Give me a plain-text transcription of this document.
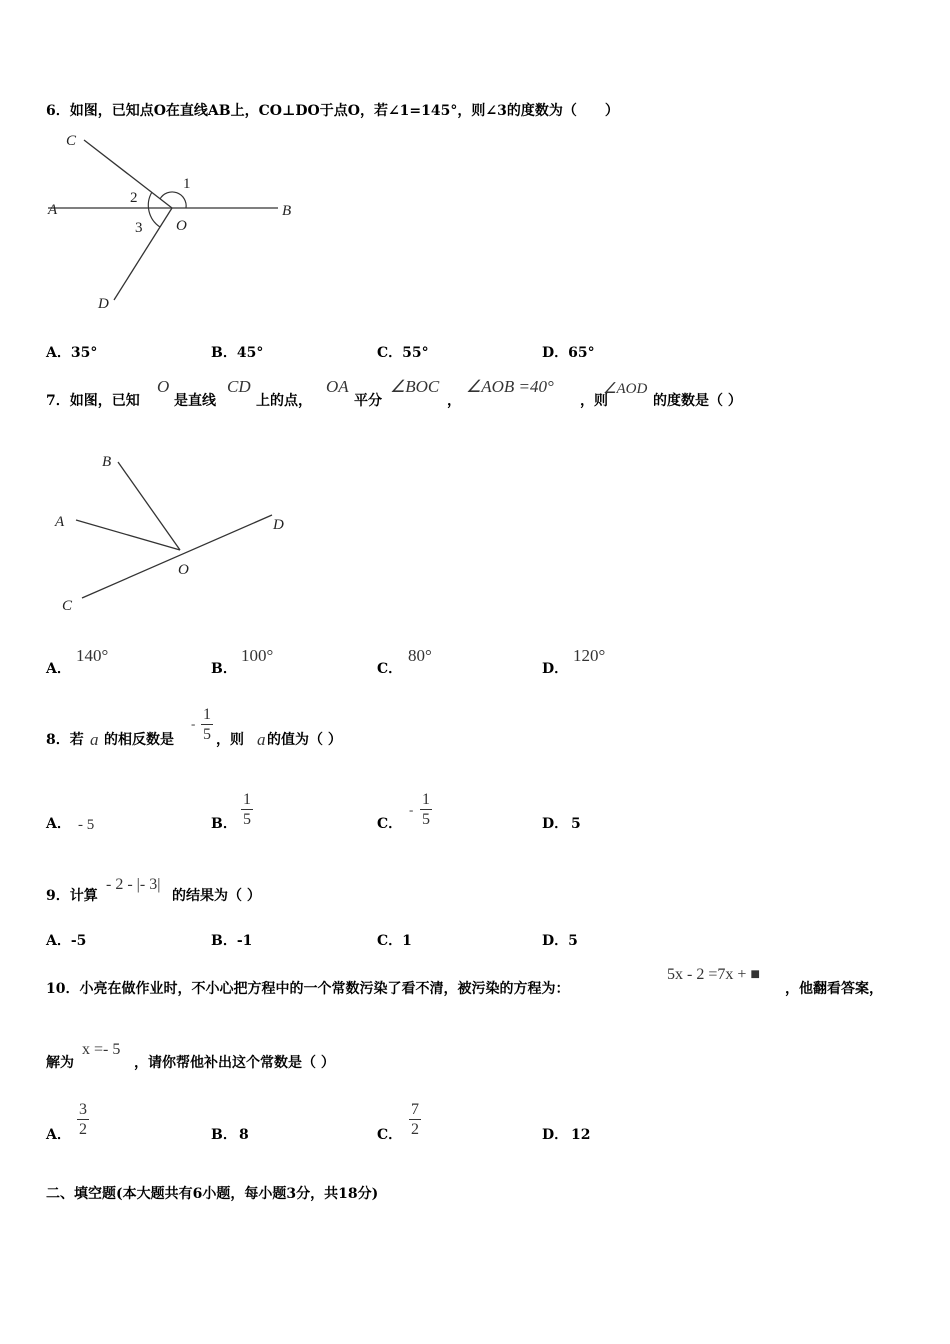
6．如图，已知点O在直线AB上，CO⊥DO于点O，若∠1=145°，则∠3的度数为（　　）
C
A	B
O
D
1
2
3
A．35°	B．45°	C．55°	D．65°
7．如图，已知
O
是直线
CD
上的点，
OA
平分
∠BOC
，
∠AOB =40°
，则
∠AOD
的度数是（ ）
B
A
C
O
D
A．
140°
B．
100°
C．
80°
D．
120°
8．若 a 的相反数是
-
1
5 ，则 a 的值为（ ）
A． - 5	B．
1
5	C．
-
1
5	D． 5
9．计算
- 2 - |- 3|
的结果为（ ）
A．-5	B．-1	C．1	D．5
10．小亮在做作业时，不小心把方程中的一个常数污染了看不清，被污染的方程为：
5x - 2 =7x + ■
，他翻看答案，
解为
x =- 5
，请你帮他补出这个常数是（ ）
A．
3
2	B． 8	C．
7
2	D． 12
二、填空题(本大题共有6小题，每小题3分，共18分)
